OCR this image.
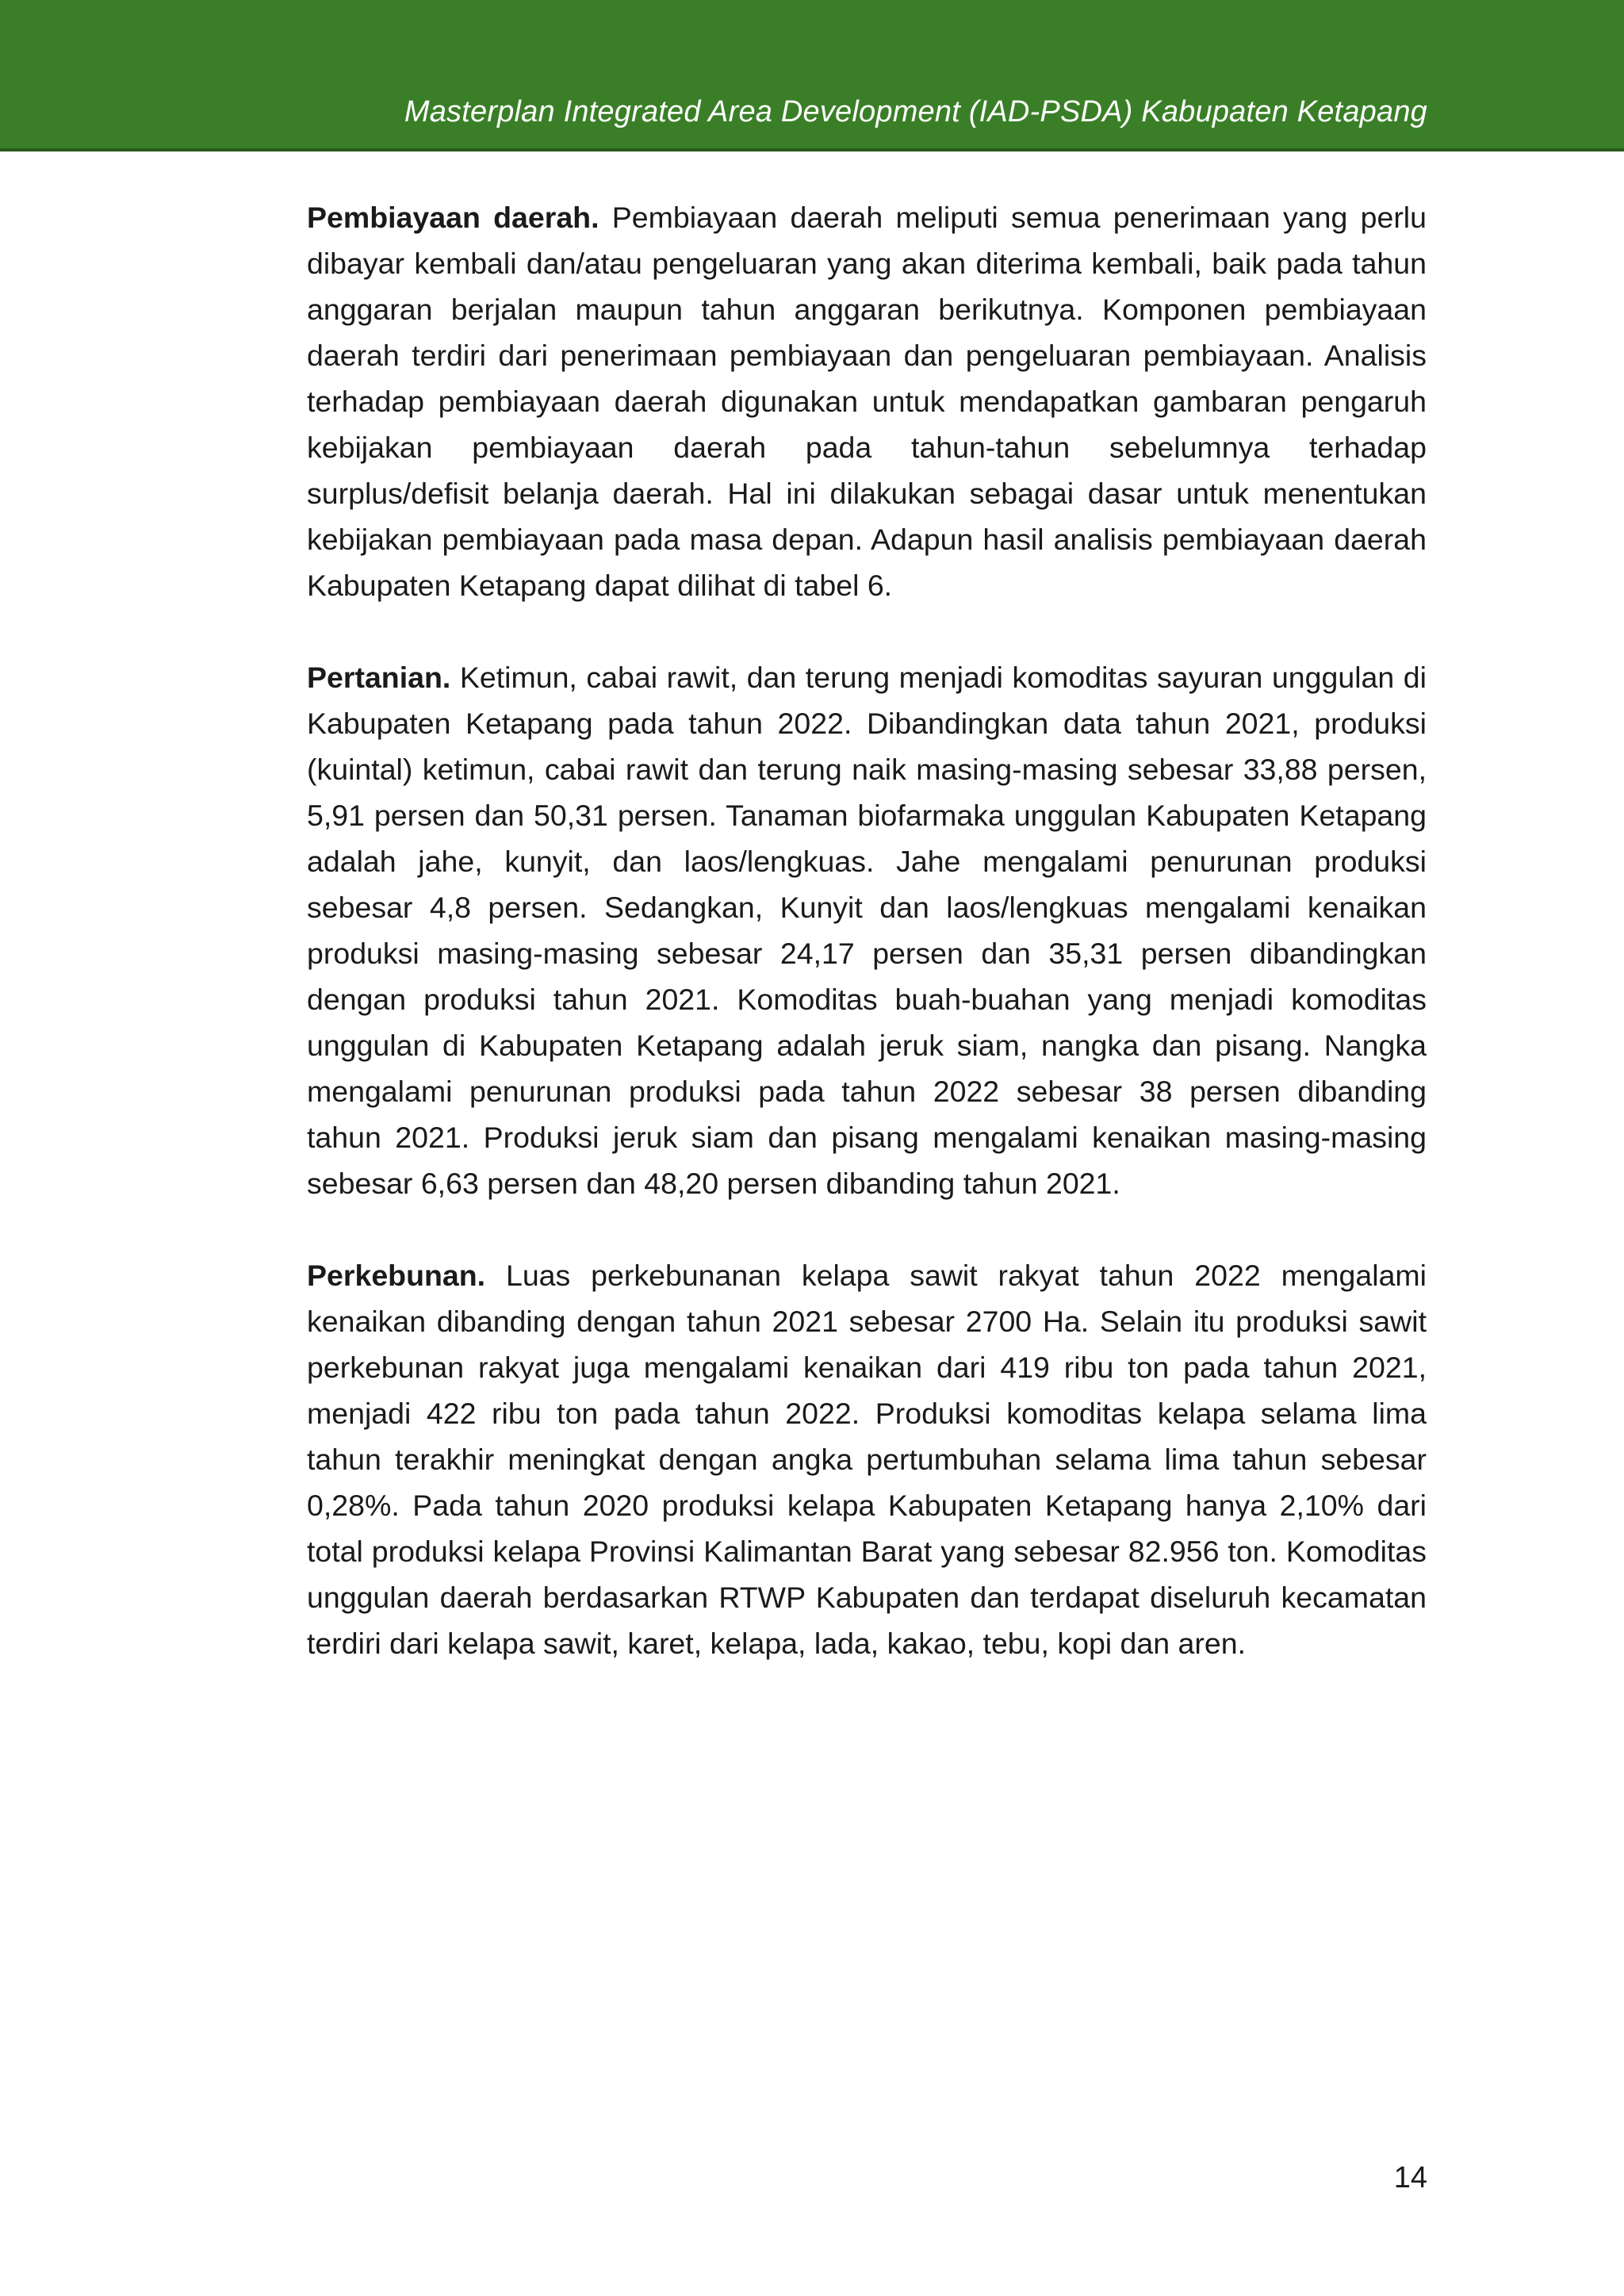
Masterplan Integrated Area Development (IAD-PSDA) Kabupaten Ketapang

Pembiayaan daerah. Pembiayaan daerah meliputi semua penerimaan yang perlu dibayar kembali dan/atau pengeluaran yang akan diterima kembali, baik pada tahun anggaran berjalan maupun tahun anggaran berikutnya. Komponen pembiayaan daerah terdiri dari penerimaan pembiayaan dan pengeluaran pembiayaan. Analisis terhadap pembiayaan daerah digunakan untuk mendapatkan gambaran pengaruh kebijakan pembiayaan daerah pada tahun-tahun sebelumnya terhadap surplus/defisit belanja daerah. Hal ini dilakukan sebagai dasar untuk menentukan kebijakan pembiayaan pada masa depan. Adapun hasil analisis pembiayaan daerah Kabupaten Ketapang dapat dilihat di tabel 6.

Pertanian. Ketimun, cabai rawit, dan terung menjadi komoditas sayuran unggulan di Kabupaten Ketapang pada tahun 2022. Dibandingkan data tahun 2021, produksi (kuintal) ketimun, cabai rawit dan terung naik masing-masing sebesar 33,88 persen, 5,91 persen dan 50,31 persen. Tanaman biofarmaka unggulan Kabupaten Ketapang adalah jahe, kunyit, dan laos/lengkuas. Jahe mengalami penurunan produksi sebesar 4,8 persen. Sedangkan, Kunyit dan laos/lengkuas mengalami kenaikan produksi masing-masing sebesar 24,17 persen dan 35,31 persen dibandingkan dengan produksi tahun 2021. Komoditas buah-buahan yang menjadi komoditas unggulan di Kabupaten Ketapang adalah jeruk siam, nangka dan pisang. Nangka mengalami penurunan produksi pada tahun 2022 sebesar 38 persen dibanding tahun 2021. Produksi jeruk siam dan pisang mengalami kenaikan masing-masing sebesar 6,63 persen dan 48,20 persen dibanding tahun 2021.

Perkebunan. Luas perkebunanan kelapa sawit rakyat tahun 2022 mengalami kenaikan dibanding dengan tahun 2021 sebesar 2700 Ha. Selain itu produksi sawit perkebunan rakyat juga mengalami kenaikan dari 419 ribu ton pada tahun 2021, menjadi 422 ribu ton pada tahun 2022. Produksi komoditas kelapa selama lima tahun terakhir meningkat dengan angka pertumbuhan selama lima tahun sebesar 0,28%. Pada tahun 2020 produksi kelapa Kabupaten Ketapang hanya 2,10% dari total produksi kelapa Provinsi Kalimantan Barat yang sebesar 82.956 ton. Komoditas unggulan daerah berdasarkan RTWP Kabupaten dan terdapat diseluruh kecamatan terdiri dari kelapa sawit, karet, kelapa, lada, kakao, tebu, kopi dan aren.

14
